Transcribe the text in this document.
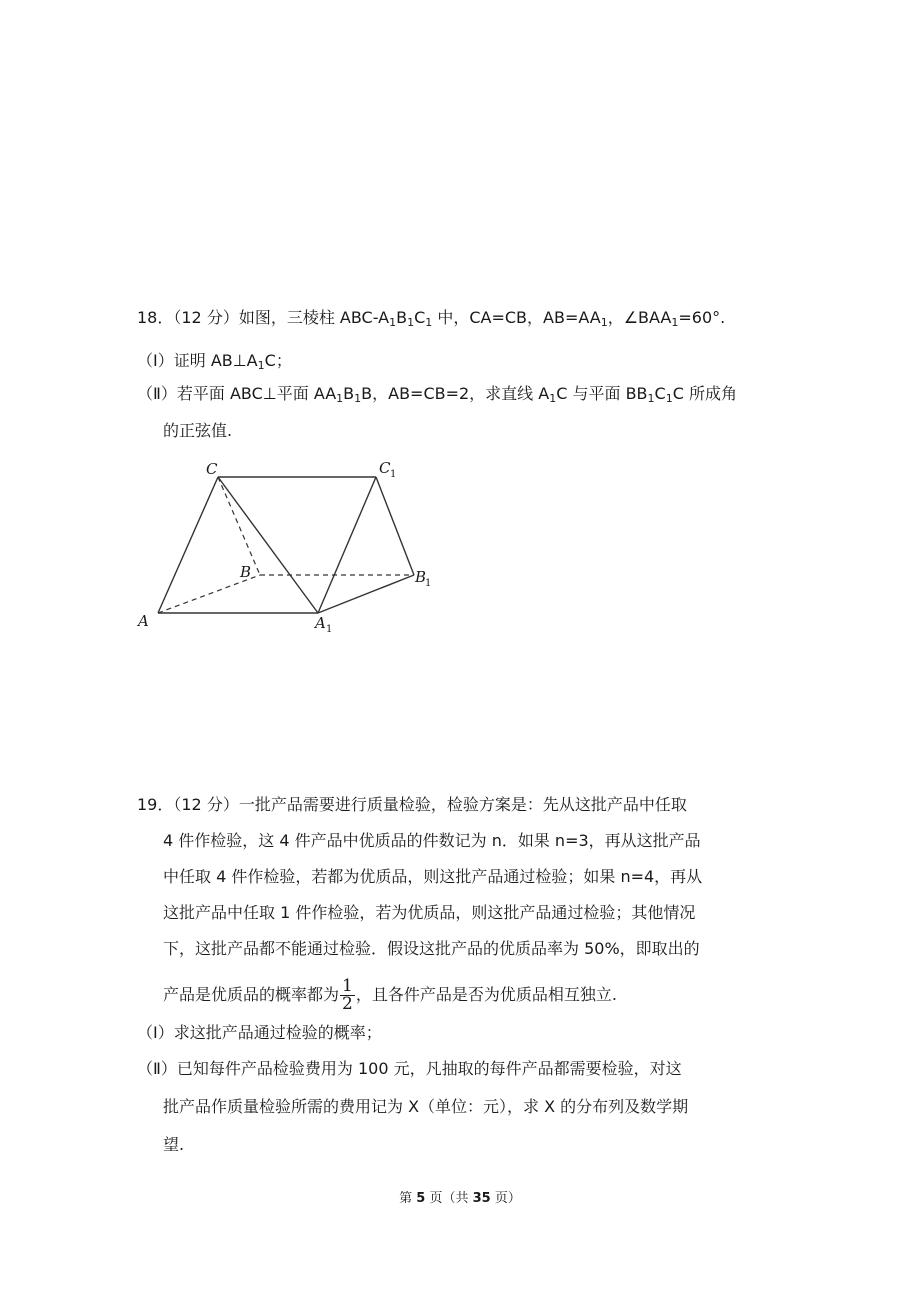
18．（12 分）如图，三棱柱 ABC-$A_1B_1C_1$ 中，CA=CB，$AB=AA_1$，$\angle BAA_1=60^\circ$.
（Ⅰ）证明 $AB\perp A_1C$；
（Ⅱ）若平面 ABC⊥平面 $AA_1B_1B$，AB=CB=2，求直线 $A_1C$ 与平面 $BB_1C_1C$ 所成角
的正弦值.
C	C 1
B	B
1
A	A 1
19．（12 分）一批产品需要进行质量检验，检验方案是：先从这批产品中任取
4 件作检验，这 4 件产品中优质品的件数记为 n．如果 n=3，再从这批产品
中任取 4 件作检验，若都为优质品，则这批产品通过检验；如果 n=4，再从
这批产品中任取 1 件作检验，若为优质品，则这批产品通过检验；其他情况
下，这批产品都不能通过检验．假设这批产品的优质品率为 50%，即取出的
产品是优质品的概率都为 $\frac{1}{2}$ ，且各件产品是否为优质品相互独立.
（Ⅰ）求这批产品通过检验的概率；
（Ⅱ）已知每件产品检验费用为 100 元，凡抽取的每件产品都需要检验，对这
批产品作质量检验所需的费用记为 X（单位：元），求 X 的分布列及数学期
望.
第 5 页（共 35 页）
